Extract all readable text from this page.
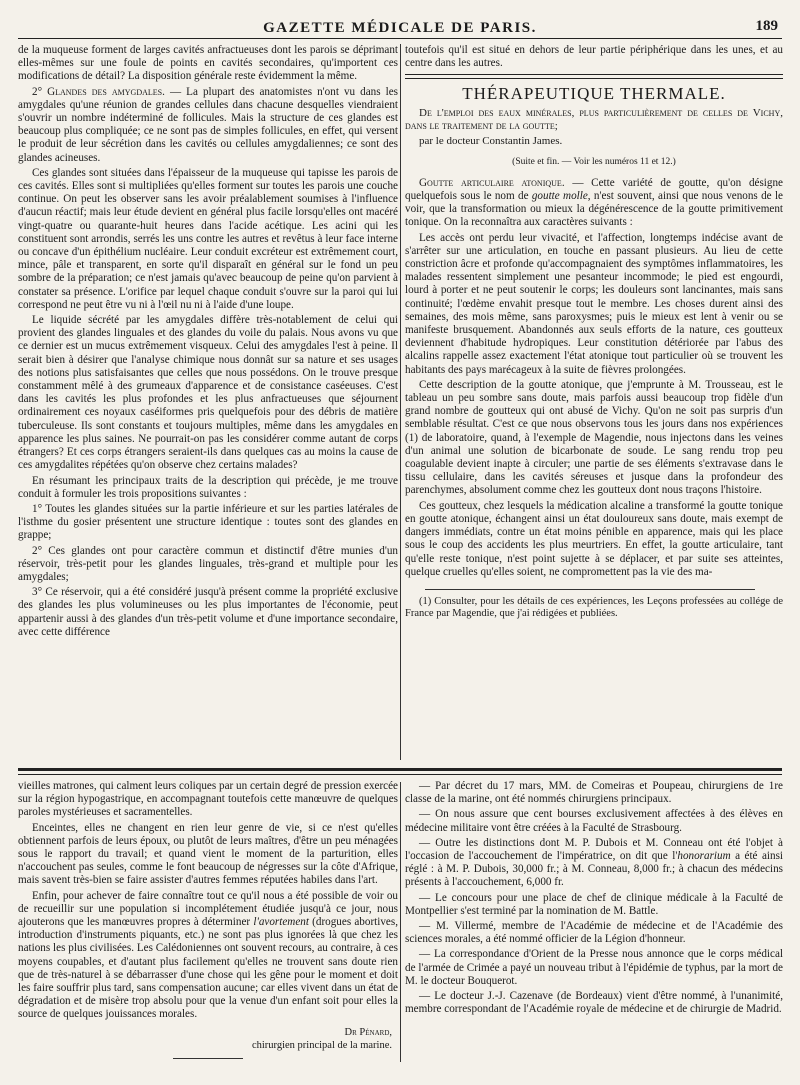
GAZETTE MÉDICALE DE PARIS.	189

de la muqueuse forment de larges cavités anfractueuses dont les parois se déprimant elles-mêmes sur une foule de points en cavités secondaires, qu'importent ces modifications de détail? La disposition générale reste évidemment la même.

2° Glandes des amygdales. — La plupart des anatomistes n'ont vu dans les amygdales qu'une réunion de grandes cellules dans chacune desquelles viendraient s'ouvrir un nombre indéterminé de follicules. Mais la structure de ces glandes est beaucoup plus compliquée; ce ne sont pas de simples follicules, en effet, qui versent le produit de leur sécrétion dans les cavités ou cellules amygdaliennes; ce sont des glandes acineuses.

Ces glandes sont situées dans l'épaisseur de la muqueuse qui tapisse les parois de ces cavités. Elles sont si multipliées qu'elles forment sur toutes les parois une couche continue. On peut les observer sans les avoir préalablement soumises à l'influence d'aucun réactif; mais leur étude devient en général plus facile lorsqu'elles ont macéré vingt-quatre ou quarante-huit heures dans l'acide acétique. Les acini qui les constituent sont arrondis, serrés les uns contre les autres et revêtus à leur face interne ou concave d'un épithélium nucléaire. Leur conduit excréteur est extrêmement court, mince, pâle et transparent, en sorte qu'il disparaît en général sur le fond un peu sombre de la préparation; ce n'est jamais qu'avec beaucoup de peine qu'on parvient à constater sa présence. L'orifice par lequel chaque conduit s'ouvre sur la paroi qui lui correspond ne peut être vu ni à l'œil nu ni à l'aide d'une loupe.

Le liquide sécrété par les amygdales diffère très-notablement de celui qui provient des glandes linguales et des glandes du voile du palais. Nous avons vu que ce dernier est un mucus extrêmement visqueux. Celui des amygdales l'est à peine. Il serait bien à désirer que l'analyse chimique nous donnât sur sa nature et ses usages des notions plus satisfaisantes que celles que nous possédons. On le trouve presque constamment mêlé à des grumeaux d'apparence et de consistance caséeuses. C'est dans les cavités les plus profondes et les plus anfractueuses que séjournent ordinairement ces noyaux caséiformes pris quelquefois pour des débris de matière tuberculeuse. Ils sont constants et toujours multiples, même dans les amygdales en apparence les plus saines. Ne pourrait-on pas les considérer comme autant de corps étrangers? Et ces corps étrangers seraient-ils dans quelques cas au moins la cause de ces amygdalites répétées qu'on observe chez certains malades?

En résumant les principaux traits de la description qui précède, je me trouve conduit à formuler les trois propositions suivantes :

1° Toutes les glandes situées sur la partie inférieure et sur les parties latérales de l'isthme du gosier présentent une structure identique : toutes sont des glandes en grappe;

2° Ces glandes ont pour caractère commun et distinctif d'être munies d'un réservoir, très-petit pour les glandes linguales, très-grand et multiple pour les amygdales;

3° Ce réservoir, qui a été considéré jusqu'à présent comme la propriété exclusive des glandes les plus volumineuses ou les plus importantes de l'économie, peut appartenir aussi à des glandes d'un très-petit volume et d'une importance secondaire, avec cette différence

toutefois qu'il est situé en dehors de leur partie périphérique dans les unes, et au centre dans les autres.

THÉRAPEUTIQUE THERMALE.

De l'emploi des eaux minérales, plus particulièrement de celles de Vichy, dans le traitement de la goutte;

par le docteur Constantin James.

(Suite et fin. — Voir les numéros 11 et 12.)

Goutte articulaire atonique. — Cette variété de goutte, qu'on désigne quelquefois sous le nom de goutte molle, n'est souvent, ainsi que nous venons de le voir, que la transformation ou mieux la dégénérescence de la goutte primitivement tonique. On la reconnaîtra aux caractères suivants :

Les accès ont perdu leur vivacité, et l'affection, longtemps indécise avant de s'arrêter sur une articulation, en touche en passant plusieurs. Au lieu de cette constriction âcre et profonde qu'accompagnaient des symptômes inflammatoires, les malades ressentent simplement une pesanteur incommode; le pied est engourdi, lourd à porter et ne peut soutenir le corps; les douleurs sont lancinantes, mais sans continuité; l'œdème envahit presque tout le membre. Les choses durent ainsi des semaines, des mois même, sans paroxysmes; puis le mieux est lent à venir ou se manifeste brusquement. Abandonnés aux seuls efforts de la nature, ces goutteux deviennent d'habitude hydropiques. Leur constitution détériorée par l'abus des alcalins rappelle assez exactement l'état atonique tout particulier où se trouvent les habitants des pays marécageux à la suite de fièvres prolongées.

Cette description de la goutte atonique, que j'emprunte à M. Trousseau, est le tableau un peu sombre sans doute, mais parfois aussi beaucoup trop fidèle d'un grand nombre de goutteux qui ont abusé de Vichy. Qu'on ne soit pas surpris d'un semblable résultat. C'est ce que nous observons tous les jours dans nos expériences (1) de laboratoire, quand, à l'exemple de Magendie, nous injectons dans les veines d'un animal une solution de bicarbonate de soude. Le sang rendu trop peu coagulable devient inapte à circuler; une partie de ses éléments s'extravase dans le tissu cellulaire, dans les cavités séreuses et jusque dans la profondeur des parenchymes, absolument comme chez les goutteux dont nous traçons l'histoire.

Ces goutteux, chez lesquels la médication alcaline a transformé la goutte tonique en goutte atonique, échangent ainsi un état douloureux sans doute, mais exempt de dangers immédiats, contre un état moins pénible en apparence, mais qui les place sous le coup des accidents les plus meurtriers. En effet, la goutte articulaire, tant qu'elle reste tonique, n'est point sujette à se déplacer, et par suite ses atteintes, quelque cruelles qu'elles soient, ne compromettent pas la vie des ma-

(1) Consulter, pour les détails de ces expériences, les Leçons professées au collége de France par Magendie, que j'ai rédigées et publiées.

vieilles matrones, qui calment leurs coliques par un certain degré de pression exercée sur la région hypogastrique, en accompagnant toutefois cette manœuvre de quelques paroles mystérieuses et sacramentelles.

Enceintes, elles ne changent en rien leur genre de vie, si ce n'est qu'elles obtiennent parfois de leurs époux, ou plutôt de leurs maîtres, d'être un peu ménagées sous le rapport du travail; et quand vient le moment de la parturition, elles n'accouchent pas seules, comme le font beaucoup de négresses sur la côte d'Afrique, mais savent très-bien se faire assister d'autres femmes réputées habiles dans l'art.

Enfin, pour achever de faire connaître tout ce qu'il nous a été possible de voir ou de recueillir sur une population si incomplétement étudiée jusqu'à ce jour, nous ajouterons que les manœuvres propres à déterminer l'avortement (drogues abortives, introduction d'instruments piquants, etc.) ne sont pas plus ignorées là que chez les nations les plus civilisées. Les Calédoniennes ont souvent recours, au contraire, à ces moyens coupables, et d'autant plus facilement qu'elles ne trouvent sans doute rien que de très-naturel à se débarrasser d'une chose qui les gêne pour le moment et doit les faire souffrir plus tard, sans compensation aucune; car elles vivent dans un état de dégradation et de misère trop absolu pour que la venue d'un enfant soit pour elles la source de quelques jouissances morales.

Dr Pénard,
chirurgien principal de la marine.

— Par décret du 17 mars, MM. de Comeiras et Poupeau, chirurgiens de 1re classe de la marine, ont été nommés chirurgiens principaux.

— On nous assure que cent bourses exclusivement affectées à des élèves en médecine militaire vont être créées à la Faculté de Strasbourg.

— Outre les distinctions dont M. P. Dubois et M. Conneau ont été l'objet à l'occasion de l'accouchement de l'impératrice, on dit que l'honorarium a été ainsi réglé : à M. P. Dubois, 30,000 fr.; à M. Conneau, 8,000 fr.; à chacun des médecins présents à l'accouchement, 6,000 fr.

— Le concours pour une place de chef de clinique médicale à la Faculté de Montpellier s'est terminé par la nomination de M. Battle.

— M. Villermé, membre de l'Académie de médecine et de l'Académie des sciences morales, a été nommé officier de la Légion d'honneur.

— La correspondance d'Orient de la Presse nous annonce que le corps médical de l'armée de Crimée a payé un nouveau tribut à l'épidémie de typhus, par la mort de M. le docteur Bouquerot.

— Le docteur J.-J. Cazenave (de Bordeaux) vient d'être nommé, à l'unanimité, membre correspondant de l'Académie royale de médecine et de chirurgie de Madrid.
